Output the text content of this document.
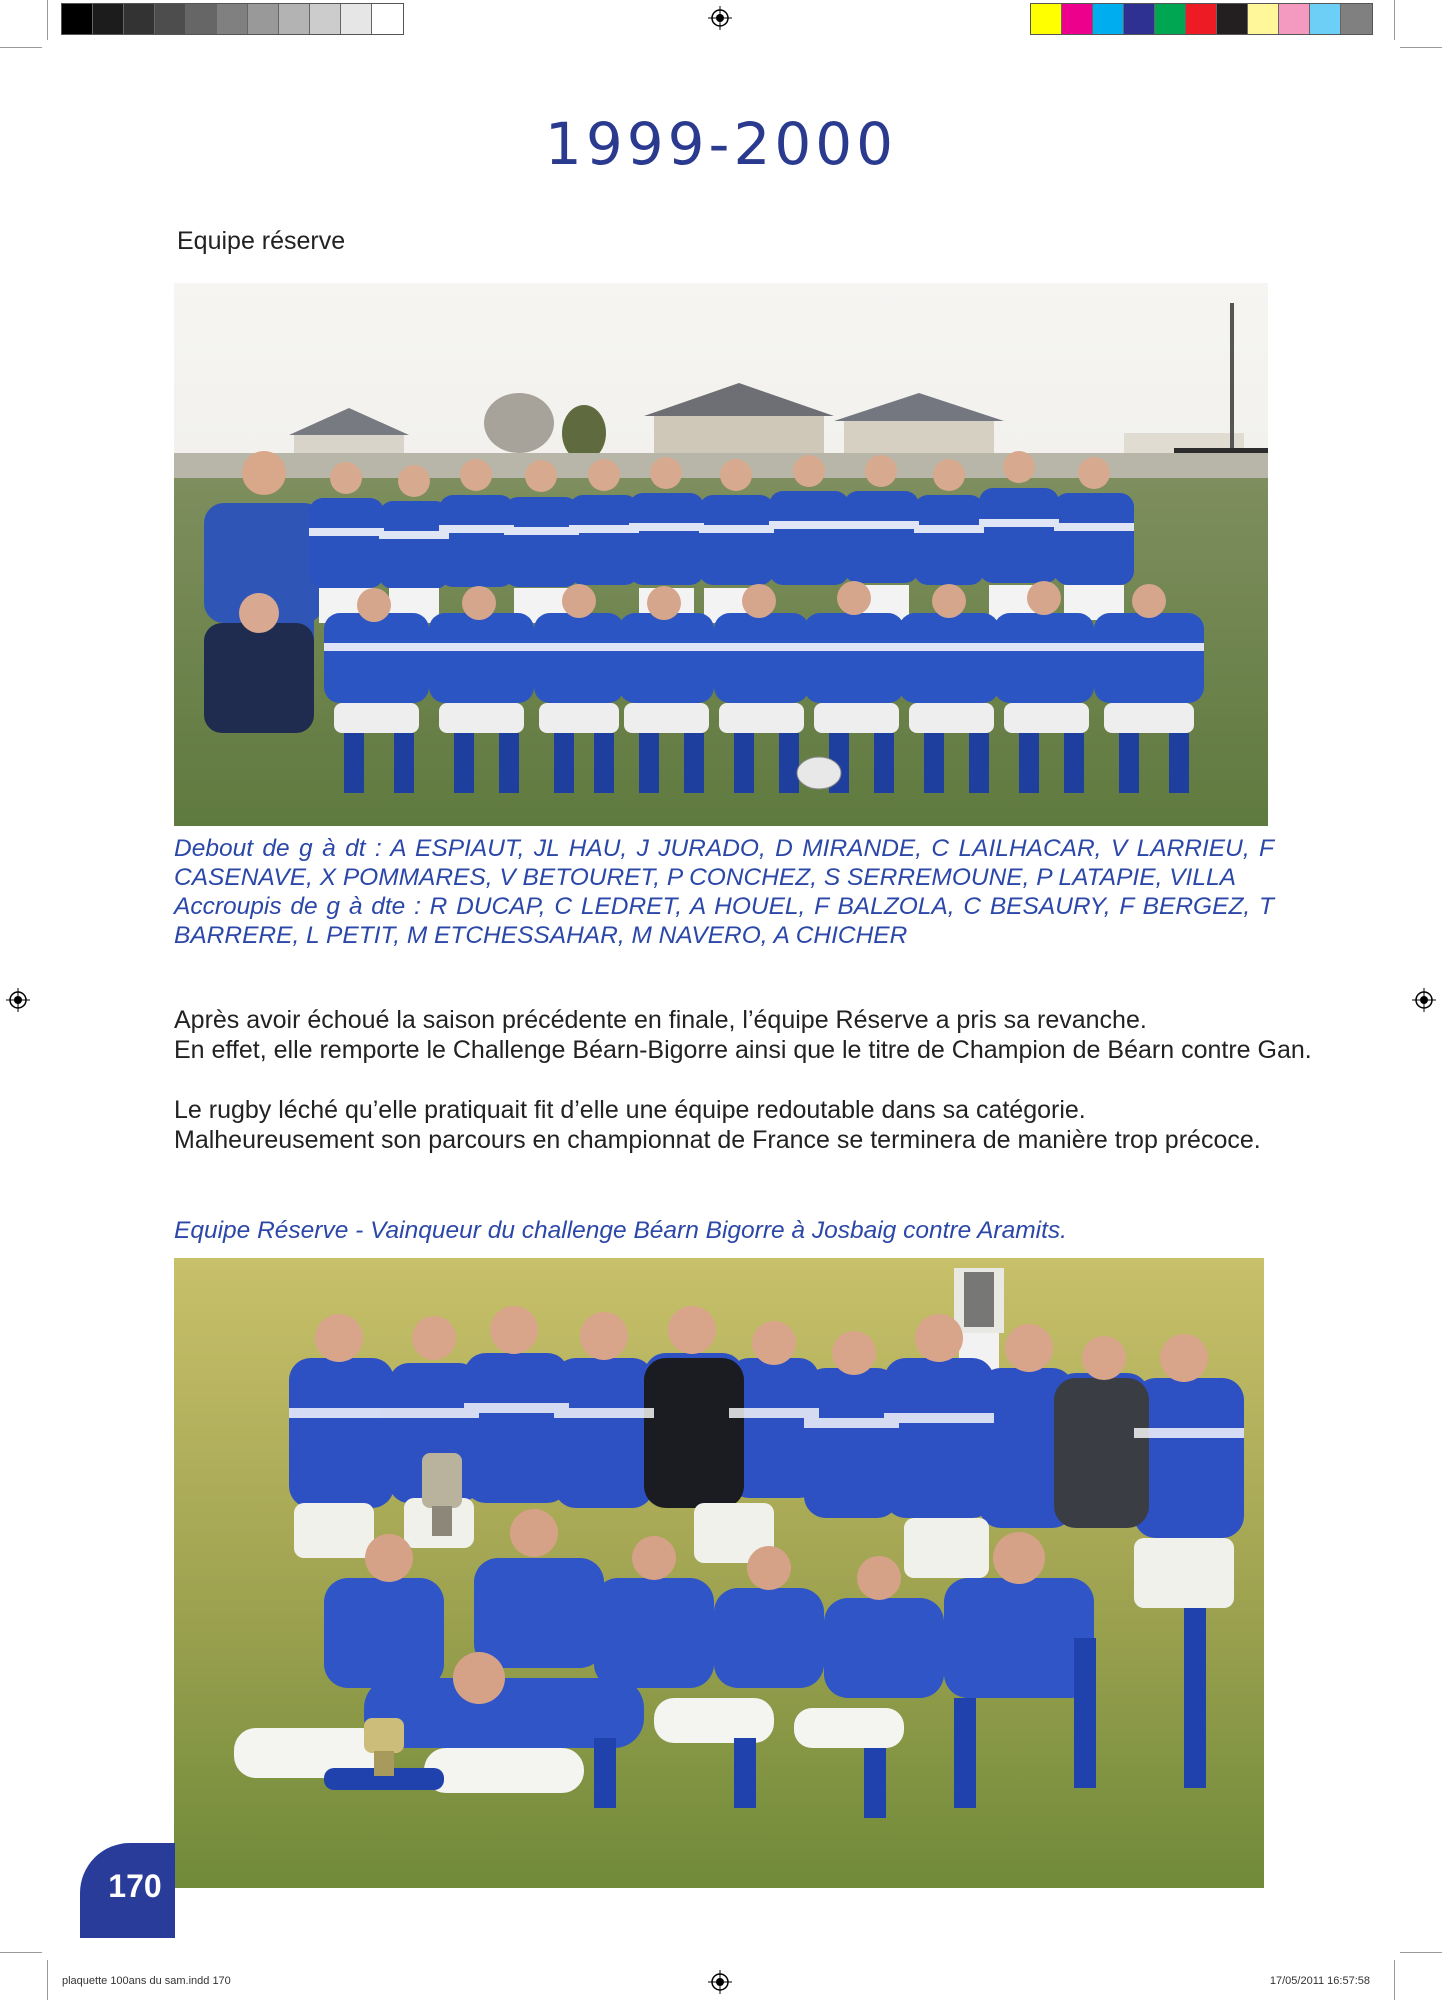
1999-2000
Equipe réserve

Debout de g à dt : A ESPIAUT, JL HAU, J JURADO, D MIRANDE, C LAILHACAR, V LARRIEU, F CASENAVE, X POMMARES, V BETOURET, P CONCHEZ, S SERREMOUNE, P LATAPIE, VILLA

Accroupis de g à dte : R DUCAP, C LEDRET, A HOUEL, F BALZOLA, C BESAURY, F BERGEZ, T BARRERE, L PETIT, M ETCHESSAHAR, M NAVERO, A CHICHER

Après avoir échoué la saison précédente en finale, l’équipe Réserve a pris sa revanche.

En effet, elle remporte le Challenge Béarn-Bigorre ainsi que le titre de Champion de Béarn contre Gan.

Le rugby léché qu’elle pratiquait fit d’elle une équipe redoutable dans sa catégorie.

Malheureusement son parcours en championnat de France se terminera de manière trop précoce.

Equipe Réserve - Vainqueur du challenge Béarn Bigorre à Josbaig contre Aramits.
170
plaquette 100ans du sam.indd 170	17/05/2011 16:57:58
